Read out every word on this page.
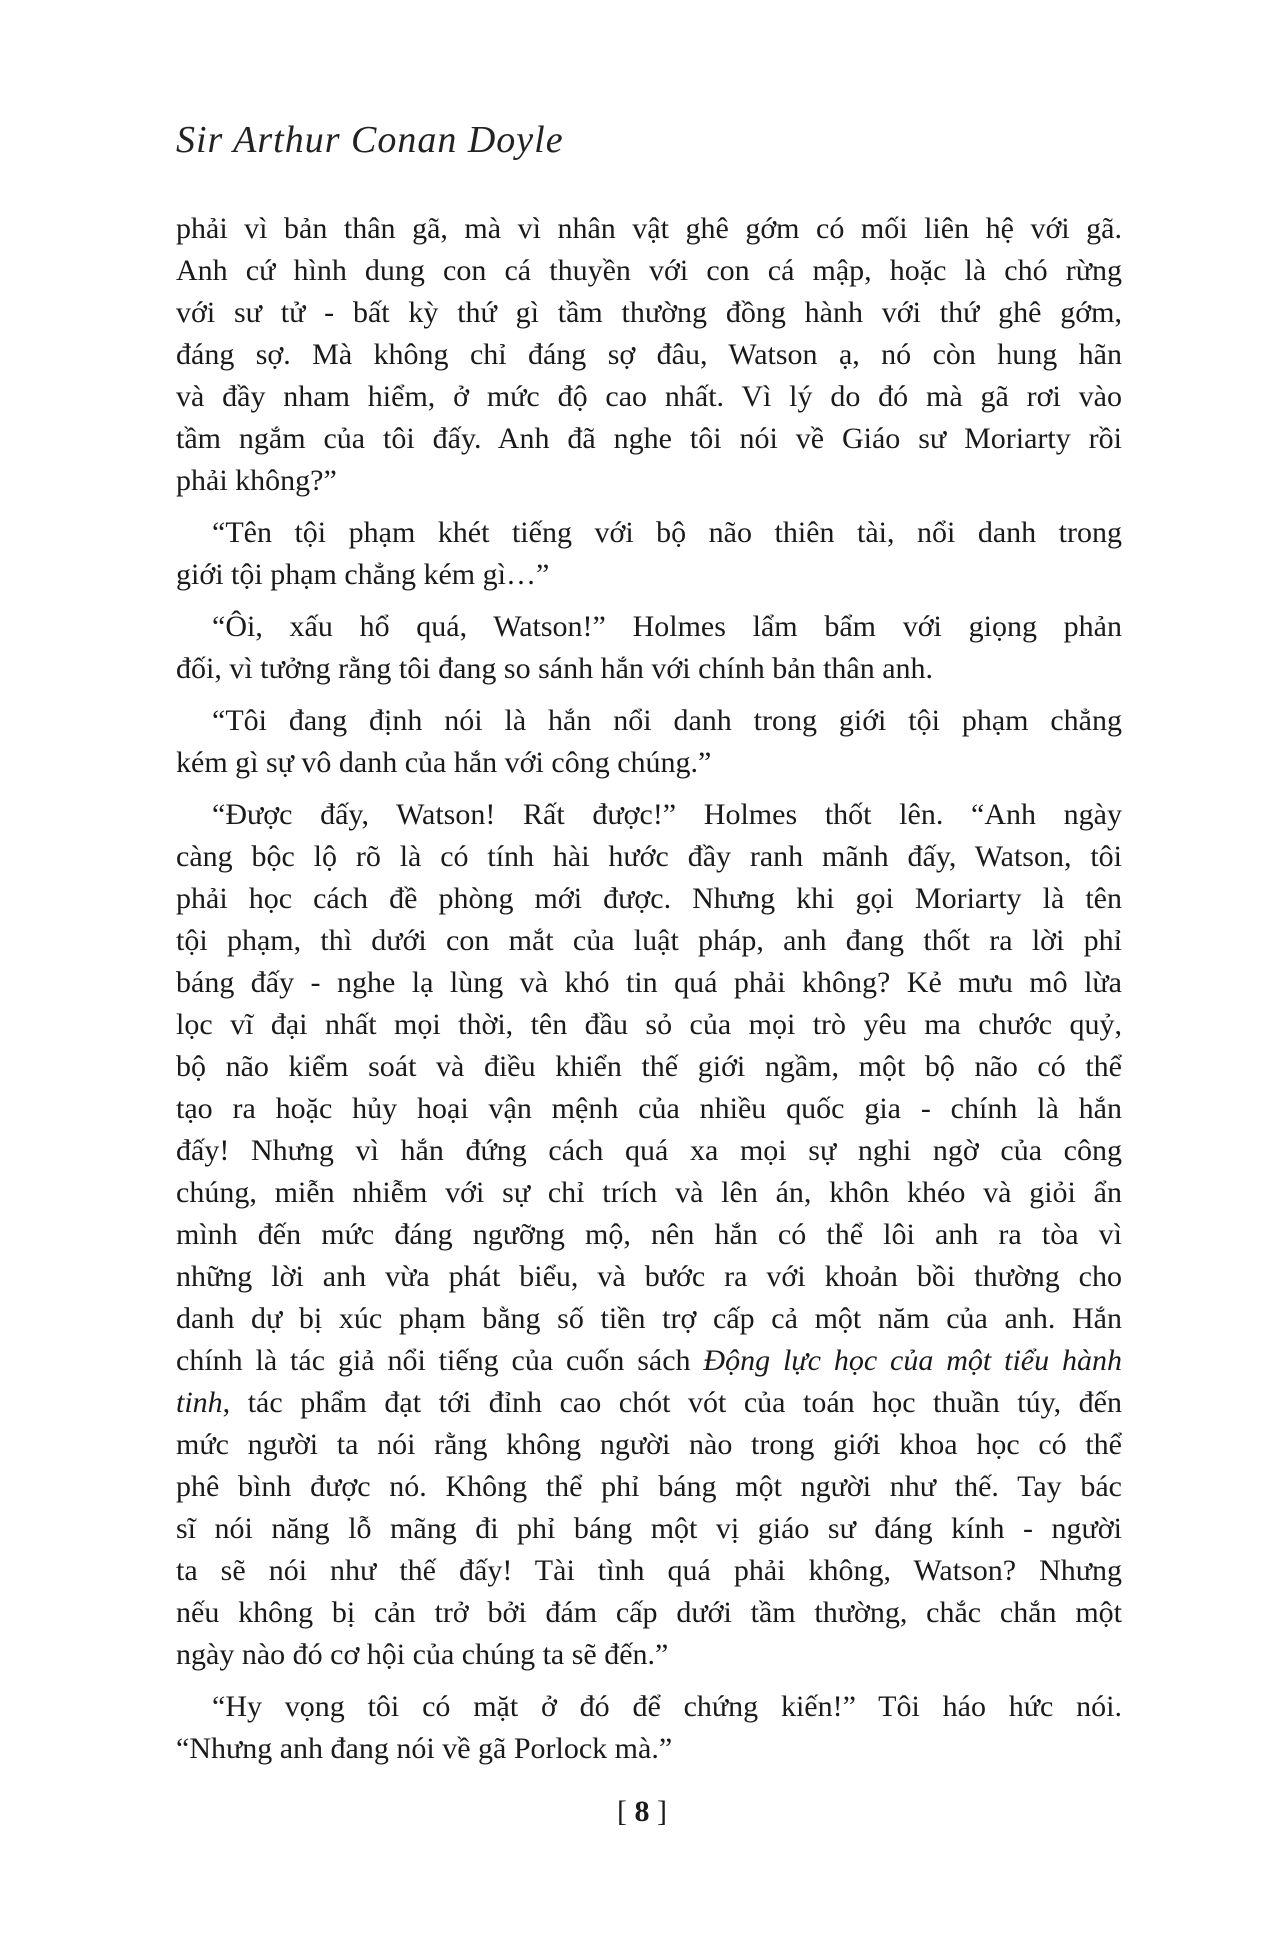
Sir Arthur Conan Doyle
phải vì bản thân gã, mà vì nhân vật ghê gớm có mối liên hệ với gã.
Anh cứ hình dung con cá thuyền với con cá mập, hoặc là chó rừng
với sư tử - bất kỳ thứ gì tầm thường đồng hành với thứ ghê gớm,
đáng sợ. Mà không chỉ đáng sợ đâu, Watson ạ, nó còn hung hãn
và đầy nham hiểm, ở mức độ cao nhất. Vì lý do đó mà gã rơi vào
tầm ngắm của tôi đấy. Anh đã nghe tôi nói về Giáo sư Moriarty rồi
phải không?”
“Tên tội phạm khét tiếng với bộ não thiên tài, nổi danh trong
giới tội phạm chẳng kém gì…”
“Ôi, xấu hổ quá, Watson!” Holmes lẩm bẩm với giọng phản
đối, vì tưởng rằng tôi đang so sánh hắn với chính bản thân anh.
“Tôi đang định nói là hắn nổi danh trong giới tội phạm chẳng
kém gì sự vô danh của hắn với công chúng.”
“Được đấy, Watson! Rất được!” Holmes thốt lên. “Anh ngày
càng bộc lộ rõ là có tính hài hước đầy ranh mãnh đấy, Watson, tôi
phải học cách đề phòng mới được. Nhưng khi gọi Moriarty là tên
tội phạm, thì dưới con mắt của luật pháp, anh đang thốt ra lời phỉ
báng đấy - nghe lạ lùng và khó tin quá phải không? Kẻ mưu mô lừa
lọc vĩ đại nhất mọi thời, tên đầu sỏ của mọi trò yêu ma chước quỷ,
bộ não kiểm soát và điều khiển thế giới ngầm, một bộ não có thể
tạo ra hoặc hủy hoại vận mệnh của nhiều quốc gia - chính là hắn
đấy! Nhưng vì hắn đứng cách quá xa mọi sự nghi ngờ của công
chúng, miễn nhiễm với sự chỉ trích và lên án, khôn khéo và giỏi ẩn
mình đến mức đáng ngưỡng mộ, nên hắn có thể lôi anh ra tòa vì
những lời anh vừa phát biểu, và bước ra với khoản bồi thường cho
danh dự bị xúc phạm bằng số tiền trợ cấp cả một năm của anh. Hắn
chính là tác giả nổi tiếng của cuốn sách Động lực học của một tiểu hành
tinh, tác phẩm đạt tới đỉnh cao chót vót của toán học thuần túy, đến
mức người ta nói rằng không người nào trong giới khoa học có thể
phê bình được nó. Không thể phỉ báng một người như thế. Tay bác
sĩ nói năng lỗ mãng đi phỉ báng một vị giáo sư đáng kính - người
ta sẽ nói như thế đấy! Tài tình quá phải không, Watson? Nhưng
nếu không bị cản trở bởi đám cấp dưới tầm thường, chắc chắn một
ngày nào đó cơ hội của chúng ta sẽ đến.”
“Hy vọng tôi có mặt ở đó để chứng kiến!” Tôi háo hức nói.
“Nhưng anh đang nói về gã Porlock mà.”
[ 8 ]
